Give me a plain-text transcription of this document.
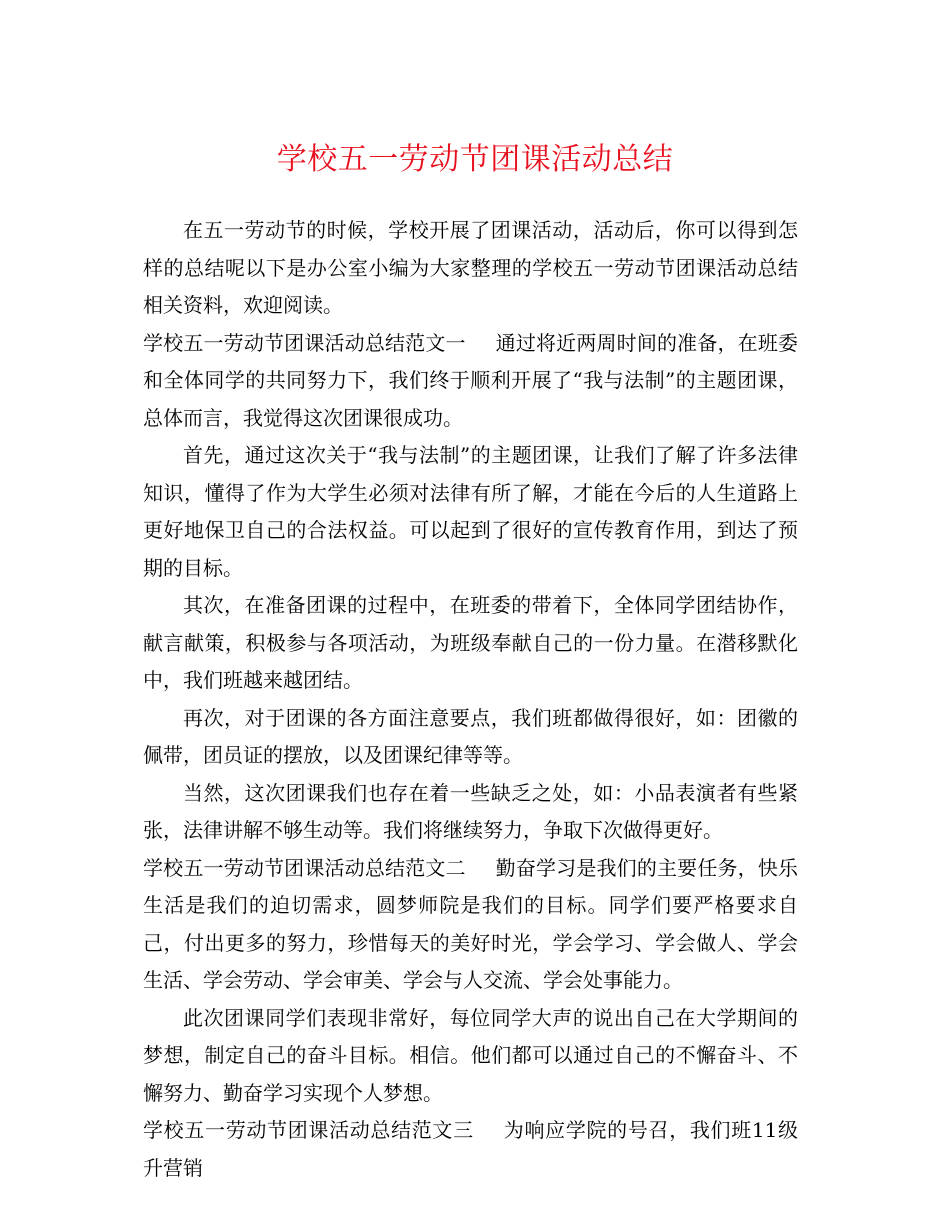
学校五一劳动节团课活动总结

在五一劳动节的时候，学校开展了团课活动，活动后，你可以得到怎样的总结呢以下是办公室小编为大家整理的学校五一劳动节团课活动总结相关资料，欢迎阅读。

学校五一劳动节团课活动总结范文一 通过将近两周时间的准备，在班委和全体同学的共同努力下，我们终于顺利开展了“我与法制”的主题团课，总体而言，我觉得这次团课很成功。

首先，通过这次关于“我与法制”的主题团课，让我们了解了许多法律知识，懂得了作为大学生必须对法律有所了解，才能在今后的人生道路上更好地保卫自己的合法权益。可以起到了很好的宣传教育作用，到达了预期的目标。

其次，在准备团课的过程中，在班委的带着下，全体同学团结协作，献言献策，积极参与各项活动，为班级奉献自己的一份力量。在潜移默化中，我们班越来越团结。

再次，对于团课的各方面注意要点，我们班都做得很好，如：团徽的佩带，团员证的摆放，以及团课纪律等等。

当然，这次团课我们也存在着一些缺乏之处，如：小品表演者有些紧张，法律讲解不够生动等。我们将继续努力，争取下次做得更好。

学校五一劳动节团课活动总结范文二 勤奋学习是我们的主要任务，快乐生活是我们的迫切需求，圆梦师院是我们的目标。同学们要严格要求自己，付出更多的努力，珍惜每天的美好时光，学会学习、学会做人、学会生活、学会劳动、学会审美、学会与人交流、学会处事能力。

此次团课同学们表现非常好，每位同学大声的说出自己在大学期间的梦想，制定自己的奋斗目标。相信。他们都可以通过自己的不懈奋斗、不懈努力、勤奋学习实现个人梦想。

学校五一劳动节团课活动总结范文三 为响应学院的号召，我们班11级升营销
